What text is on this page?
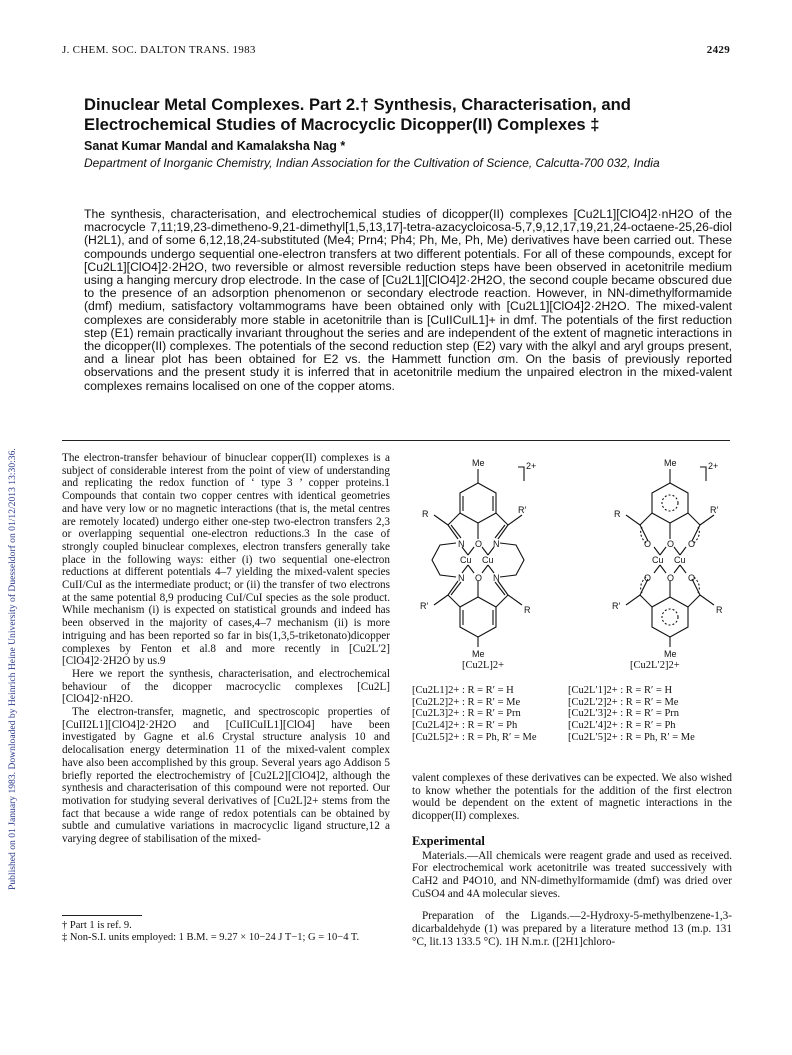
J. CHEM. SOC. DALTON TRANS. 1983	2429
Published on 01 January 1983. Downloaded by Heinrich Heine University of Duesseldorf on 01/12/2013 13:30:36.
Dinuclear Metal Complexes. Part 2.† Synthesis, Characterisation, and Electrochemical Studies of Macrocyclic Dicopper(II) Complexes ‡
Sanat Kumar Mandal and Kamalaksha Nag *
Department of Inorganic Chemistry, Indian Association for the Cultivation of Science, Calcutta-700 032, India
The synthesis, characterisation, and electrochemical studies of dicopper(II) complexes [Cu2L1][ClO4]2·nH2O of the macrocycle 7,11;19,23-dimetheno-9,21-dimethyl[1,5,13,17]-tetra-azacycloicosa-5,7,9,12,17,19,21,24-octaene-25,26-diol (H2L1), and of some 6,12,18,24-substituted (Me4; Prn4; Ph4; Ph, Me, Ph, Me) derivatives have been carried out. These compounds undergo sequential one-electron transfers at two different potentials. For all of these compounds, except for [Cu2L1][ClO4]2·2H2O, two reversible or almost reversible reduction steps have been observed in acetonitrile medium using a hanging mercury drop electrode. In the case of [Cu2L1][ClO4]2·2H2O, the second couple became obscured due to the presence of an adsorption phenomenon or secondary electrode reaction. However, in NN-dimethylformamide (dmf) medium, satisfactory voltammograms have been obtained only with [Cu2L1][ClO4]2·2H2O. The mixed-valent complexes are considerably more stable in acetonitrile than is [CuIICuIL1]+ in dmf. The potentials of the first reduction step (E1) remain practically invariant throughout the series and are independent of the extent of magnetic interactions in the dicopper(II) complexes. The potentials of the second reduction step (E2) vary with the alkyl and aryl groups present, and a linear plot has been obtained for E2 vs. the Hammett function σm. On the basis of previously reported observations and the present study it is inferred that in acetonitrile medium the unpaired electron in the mixed-valent complexes remains localised on one of the copper atoms.

The electron-transfer behaviour of binuclear copper(II) complexes is a subject of considerable interest from the point of view of understanding and replicating the redox function of ‘ type 3 ’ copper proteins.1 Compounds that contain two copper centres with identical geometries and have very low or no magnetic interactions (that is, the metal centres are remotely located) undergo either one-step two-electron transfers 2,3 or overlapping sequential one-electron reductions.3 In the case of strongly coupled binuclear complexes, electron transfers generally take place in the following ways: either (i) two sequential one-electron reductions at different potentials 4–7 yielding the mixed-valent species CuII/CuI as the intermediate product; or (ii) the transfer of two electrons at the same potential 8,9 producing CuI/CuI species as the sole product. While mechanism (i) is expected on statistical grounds and indeed has been observed in the majority of cases,4–7 mechanism (ii) is more intriguing and has been reported so far in bis(1,3,5-triketonato)dicopper complexes by Fenton et al.8 and more recently in [Cu2L′2][ClO4]2·2H2O by us.9

Here we report the synthesis, characterisation, and electrochemical behaviour of the dicopper macrocyclic complexes [Cu2L][ClO4]2·nH2O.

The electron-transfer, magnetic, and spectroscopic properties of [CuII2L1][ClO4]2·2H2O and [CuIICuIL1][ClO4] have been investigated by Gagne et al.6 Crystal structure analysis 10 and delocalisation energy determination 11 of the mixed-valent complex have also been accomplished by this group. Several years ago Addison 5 briefly reported the electrochemistry of [Cu2L2][ClO4]2, although the synthesis and characterisation of this compound were not reported. Our motivation for studying several derivatives of [Cu2L]2+ stems from the fact that because a wide range of redox potentials can be obtained by subtle and cumulative variations in macrocyclic ligand structure,12 a varying degree of stabilisation of the mixed-

Me	2+
R	R′
N	N
O
Cu Cu
N	N
O
R′	R
Me
Me	2+
R	R′
O	O
O
Cu Cu
O	O
O
R′	R
Me
[Cu2L]2+	[Cu2L′2]2+
[Cu2L1]2+ : R = R′ = H
[Cu2L2]2+ : R = R′ = Me
[Cu2L3]2+ : R = R′ = Prn
[Cu2L4]2+ : R = R′ = Ph
[Cu2L5]2+ : R = Ph, R′ = Me
[Cu2L′1]2+ : R = R′ = H
[Cu2L′2]2+ : R = R′ = Me
[Cu2L′3]2+ : R = R′ = Prn
[Cu2L′4]2+ : R = R′ = Ph
[Cu2L′5]2+ : R = Ph, R′ = Me

valent complexes of these derivatives can be expected. We also wished to know whether the potentials for the addition of the first electron would be dependent on the extent of magnetic interactions in the dicopper(II) complexes.

Experimental

Materials.—All chemicals were reagent grade and used as received. For electrochemical work acetonitrile was treated successively with CaH2 and P4O10, and NN-dimethylformamide (dmf) was dried over CuSO4 and 4A molecular sieves.

Preparation of the Ligands.—2-Hydroxy-5-methylbenzene-1,3-dicarbaldehyde (1) was prepared by a literature method 13 (m.p. 131 °C, lit.13 133.5 °C). 1H N.m.r. ([2H1]chloro-

† Part 1 is ref. 9.
‡ Non-S.I. units employed: 1 B.M. = 9.27 × 10−24 J T−1; G = 10−4 T.
